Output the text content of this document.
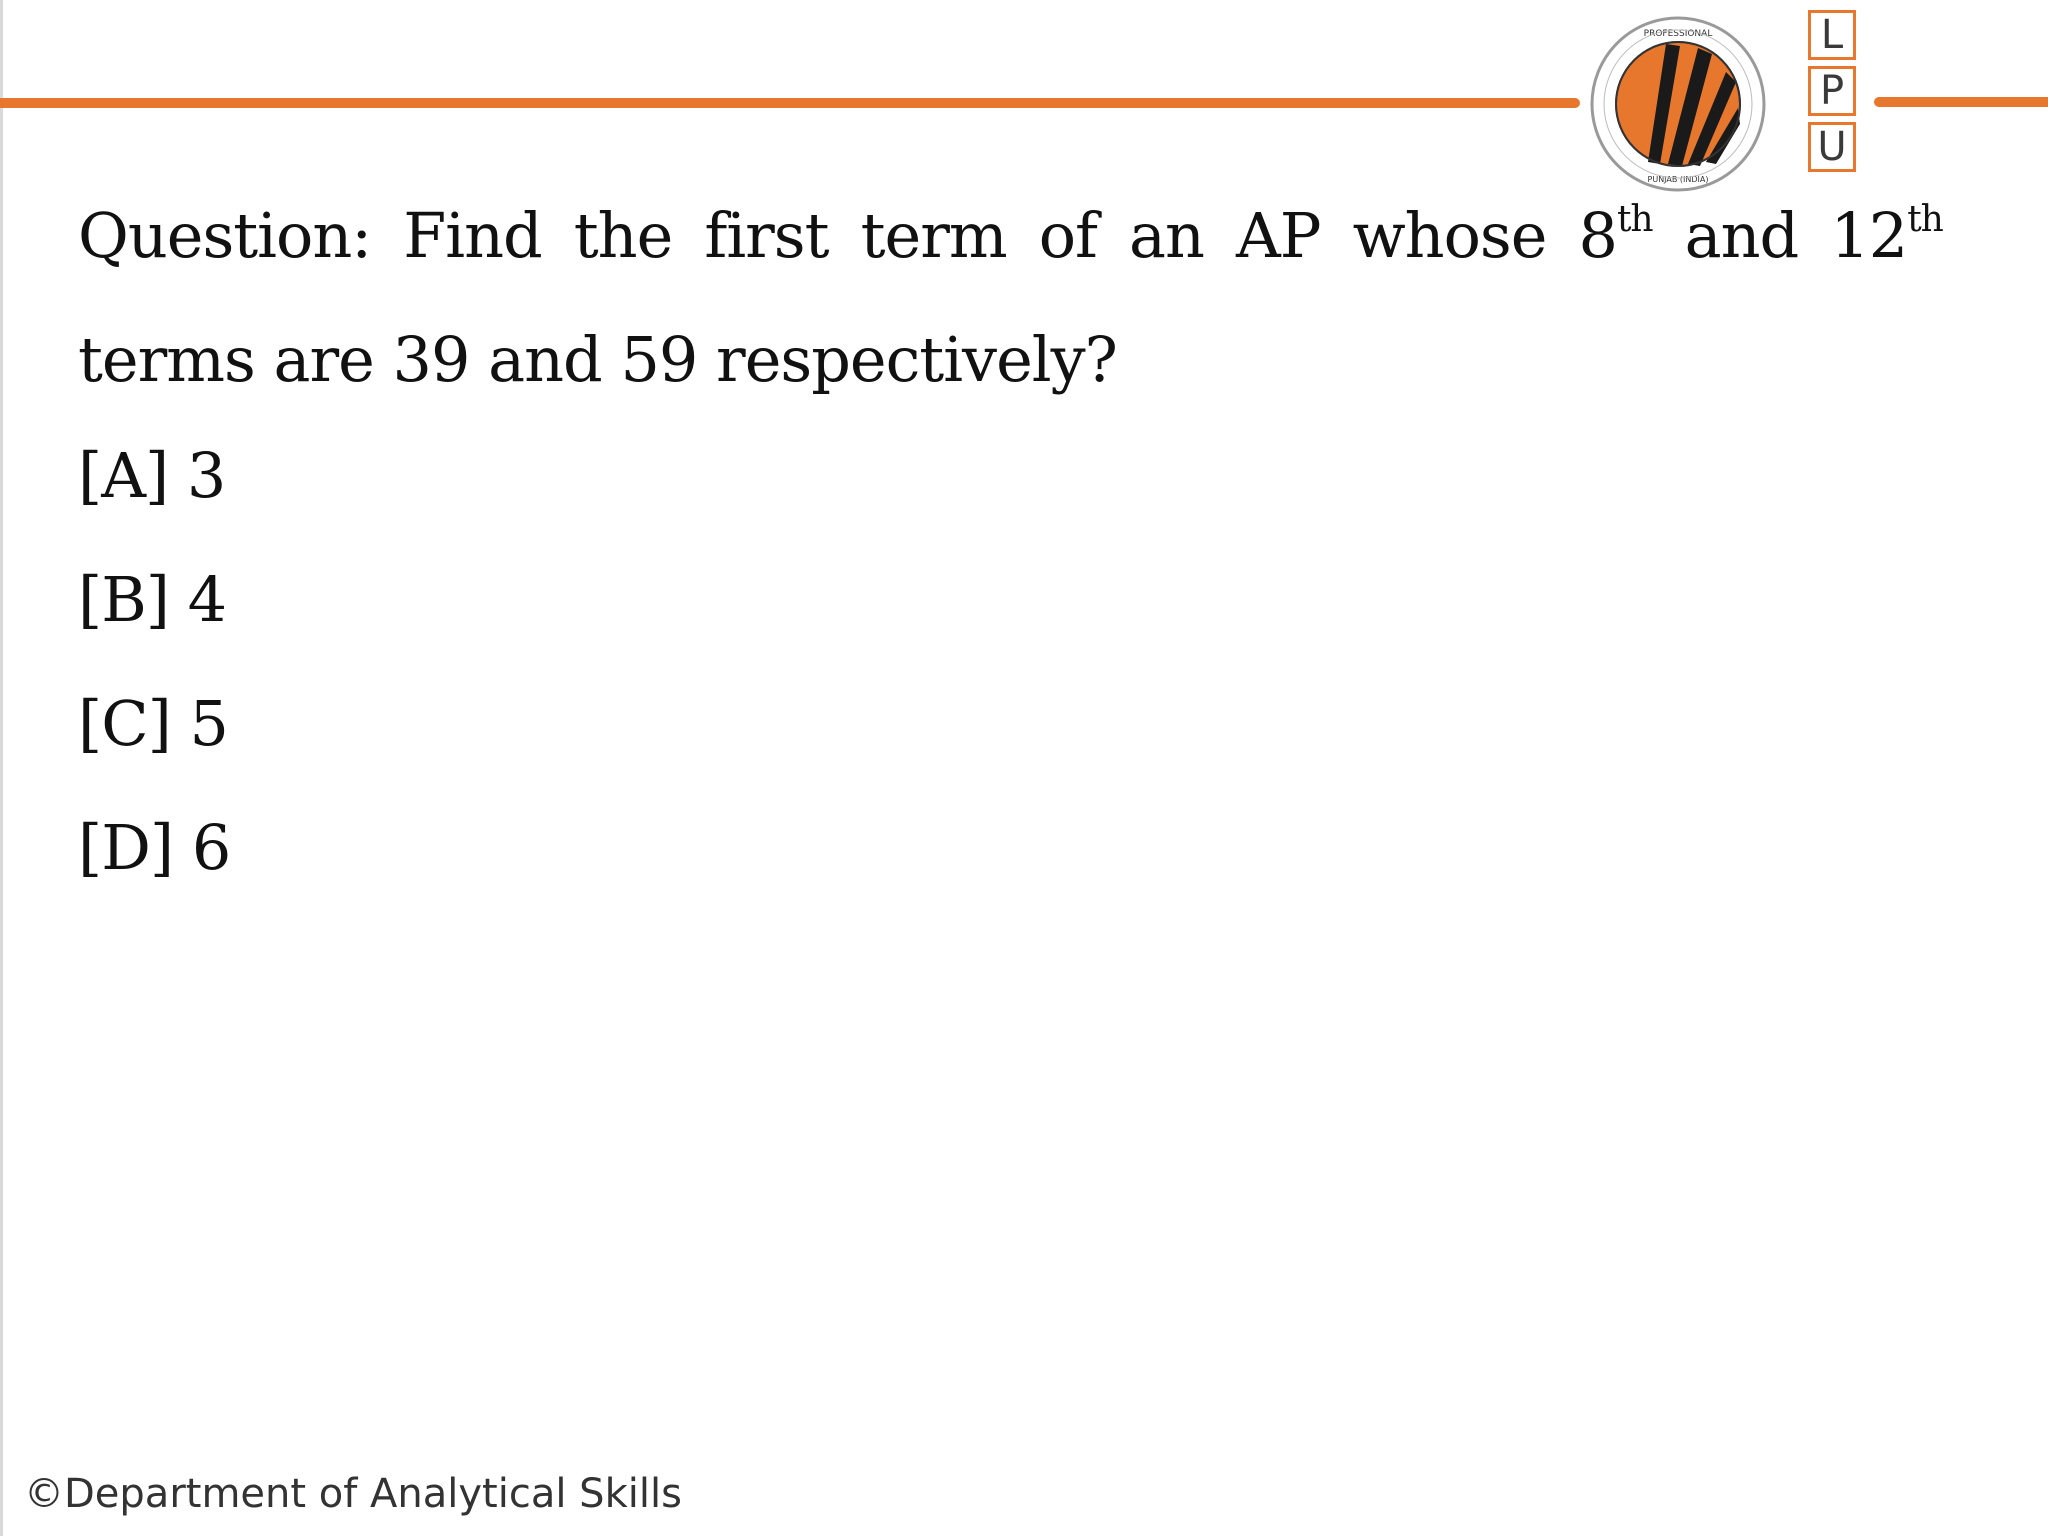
PROFESSIONAL
PUNJAB (INDIA)
L
P
U
Question: Find the first term of an AP whose 8th and 12th
terms are 39 and 59 respectively?
[A] 3
[B] 4
[C] 5
[D] 6
©Department of Analytical Skills
